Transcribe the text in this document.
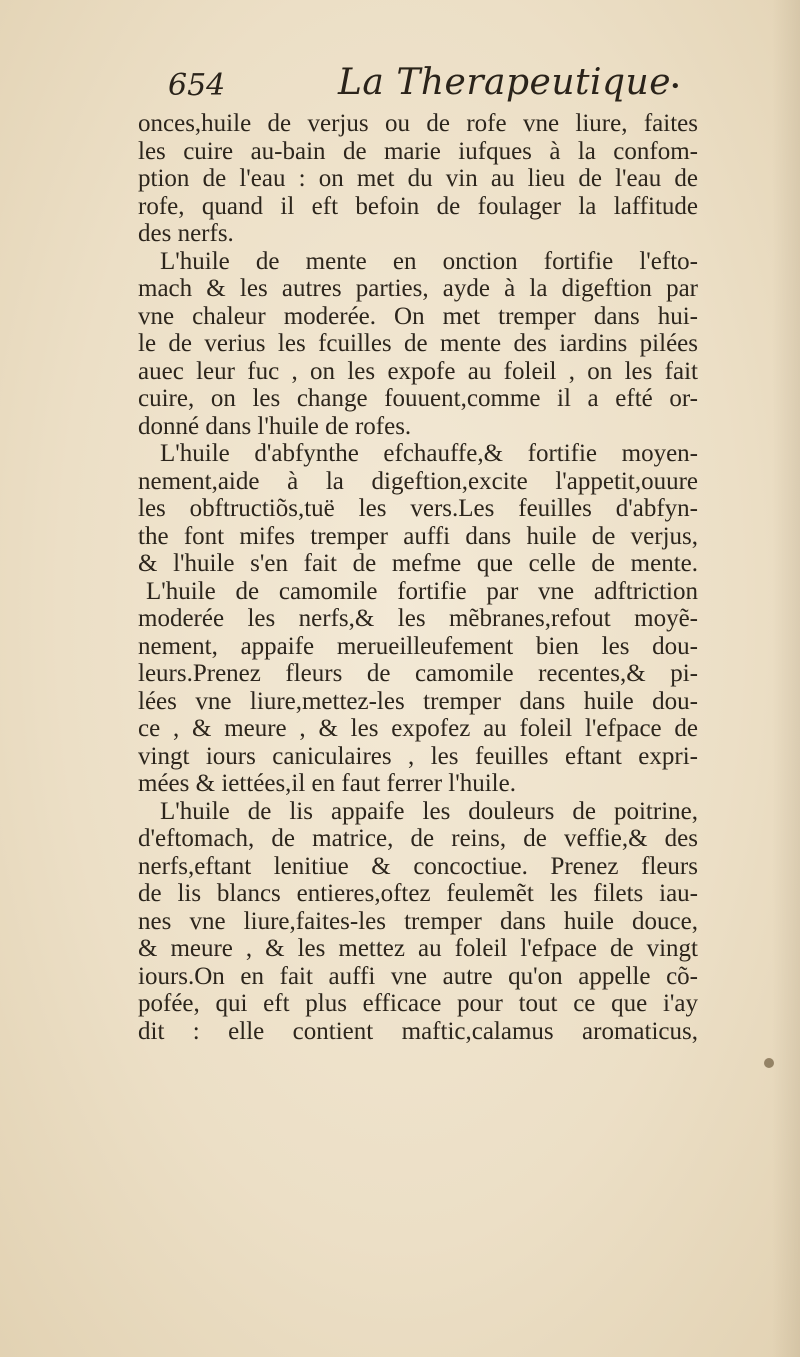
654	La Therapeutique
•
onces,huile de verjus ou de rofe vne liure, faites
les cuire au-bain de marie iufques à la confom-
ption de l'eau : on met du vin au lieu de l'eau de
rofe, quand il eft befoin de foulager la laffitude
des nerfs.
L'huile de mente en onction fortifie l'efto-
mach & les autres parties, ayde à la digeftion par
vne chaleur moderée. On met tremper dans hui-
le de verius les fcuilles de mente des iardins pilées
auec leur fuc , on les expofe au foleil , on les fait
cuire, on les change fouuent,comme il a efté or-
donné dans l'huile de rofes.
L'huile d'abfynthe efchauffe,& fortifie moyen-
nement,aide à la digeftion,excite l'appetit,ouure
les obftructiõs,tuë les vers.Les feuilles d'abfyn-
the font mifes tremper auffi dans huile de verjus,
& l'huile s'en fait de mefme que celle de mente.
L'huile de camomile fortifie par vne adftriction
moderée les nerfs,& les mẽbranes,refout moyẽ-
nement, appaife merueilleufement bien les dou-
leurs.Prenez fleurs de camomile recentes,& pi-
lées vne liure,mettez-les tremper dans huile dou-
ce , & meure , & les expofez au foleil l'efpace de
vingt iours caniculaires , les feuilles eftant expri-
mées & iettées,il en faut ferrer l'huile.
L'huile de lis appaife les douleurs de poitrine,
d'eftomach, de matrice, de reins, de veffie,& des
nerfs,eftant lenitiue & concoctiue. Prenez fleurs
de lis blancs entieres,oftez feulemẽt les filets iau-
nes vne liure,faites-les tremper dans huile douce,
& meure , & les mettez au foleil l'efpace de vingt
iours.On en fait auffi vne autre qu'on appelle cõ-
pofée, qui eft plus efficace pour tout ce que i'ay
dit : elle contient maftic,calamus aromaticus,
